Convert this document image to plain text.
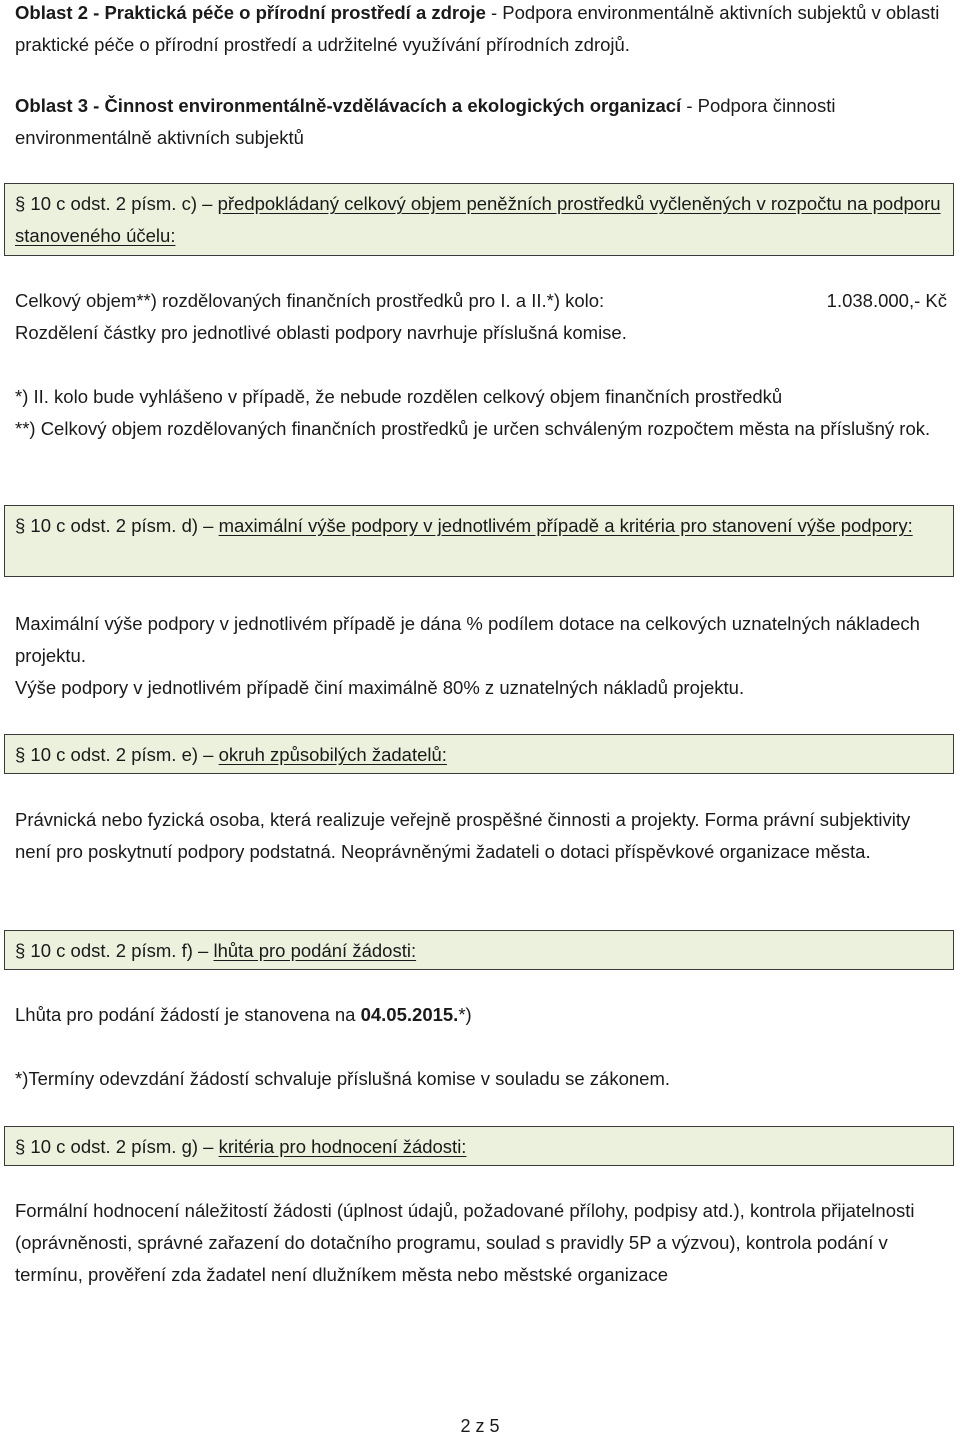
Oblast 2 - Praktická péče o přírodní prostředí a zdroje - Podpora environmentálně aktivních subjektů v oblasti praktické péče o přírodní prostředí a udržitelné využívání přírodních zdrojů.

Oblast 3 - Činnost environmentálně-vzdělávacích a ekologických organizací - Podpora činnosti environmentálně aktivních subjektů

§ 10 c odst. 2 písm. c) – předpokládaný celkový objem peněžních prostředků vyčleněných v rozpočtu na podporu stanoveného účelu:
Celkový objem**) rozdělovaných finančních prostředků pro I. a II.*) kolo:	1.038.000,- Kč

Rozdělení částky pro jednotlivé oblasti podpory navrhuje příslušná komise.

*) II. kolo bude vyhlášeno v případě, že nebude rozdělen celkový objem finančních prostředků

**) Celkový objem rozdělovaných finančních prostředků je určen schváleným rozpočtem města na příslušný rok.

§ 10 c odst. 2 písm. d) – maximální výše podpory v jednotlivém případě a kritéria pro stanovení výše podpory:

Maximální výše podpory v jednotlivém případě je dána % podílem dotace na celkových uznatelných nákladech projektu.

Výše podpory v jednotlivém případě činí maximálně 80% z uznatelných nákladů projektu.

§ 10 c odst. 2 písm. e) – okruh způsobilých žadatelů:

Právnická nebo fyzická osoba, která realizuje veřejně prospěšné činnosti a projekty. Forma právní subjektivity není pro poskytnutí podpory podstatná. Neoprávněnými žadateli o dotaci příspěvkové organizace města.

§ 10 c odst. 2 písm. f) – lhůta pro podání žádosti:

Lhůta pro podání žádostí je stanovena na 04.05.2015.*)

*)Termíny odevzdání žádostí schvaluje příslušná komise v souladu se zákonem.

§ 10 c odst. 2 písm. g) – kritéria pro hodnocení žádosti:

Formální hodnocení náležitostí žádosti (úplnost údajů, požadované přílohy, podpisy atd.), kontrola přijatelnosti (oprávněnosti, správné zařazení do dotačního programu, soulad s pravidly 5P a výzvou), kontrola podání v termínu, prověření zda žadatel není dlužníkem města nebo městské organizace

2 z 5
